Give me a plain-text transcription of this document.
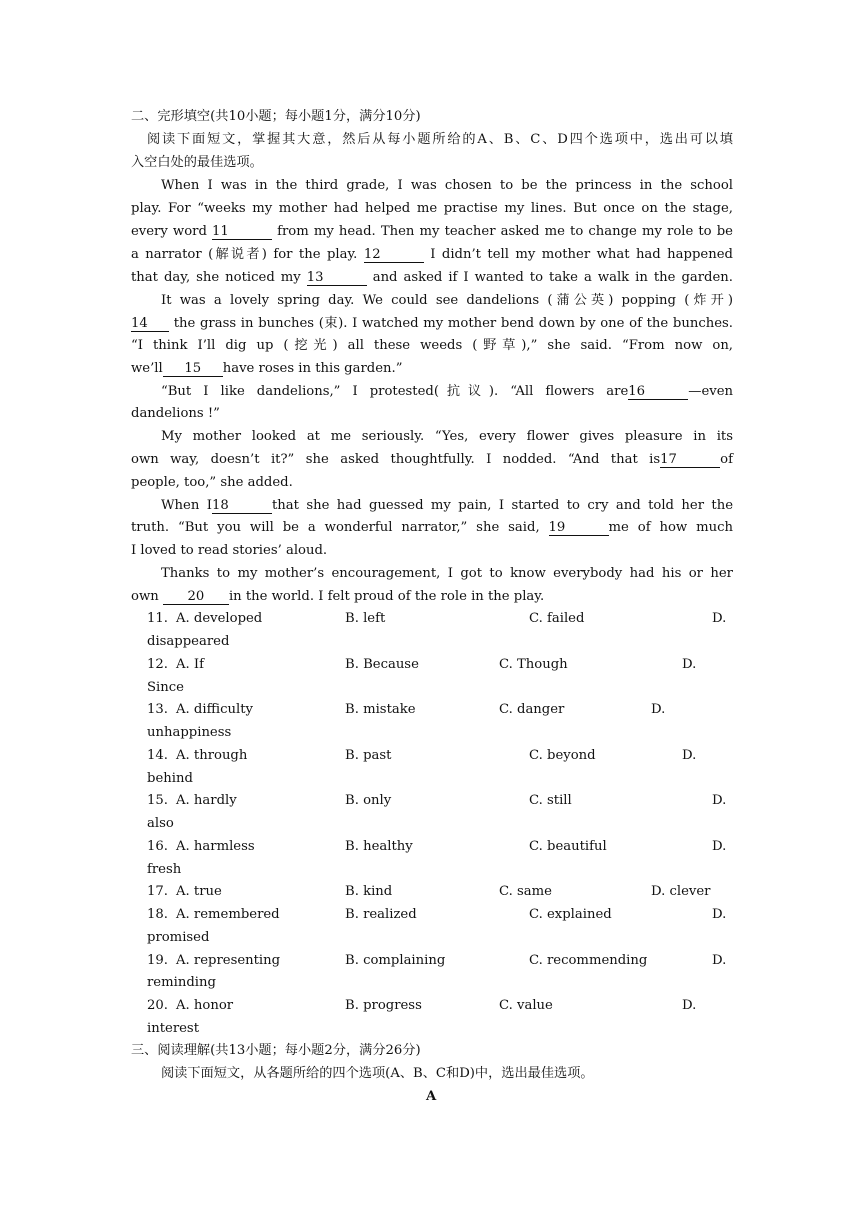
二、完形填空(共10小题；每小题1分，满分10分)
阅读下面短文，掌握其大意，然后从每小题所给的A、B、C、D四个选项中，选出可以填
入空白处的最佳选项。
When I was in the third grade, I was chosen to be the princess in the school
play. For “weeks my mother had helped me practise my lines. But once on the stage,
every word 11	from my head. Then my teacher asked me to change my role to be
a narrator (解说者) for the play. 12	I didn’t tell my mother what had happened
that day, she noticed my 13	and asked if I wanted to take a walk in the garden.
It was a lovely spring day. We could see dandelions (蒲公英) popping (炸开)
14 the grass in bunches (束). I watched my mother bend down by one of the bunches.
“I think I’ll dig up (挖光) all these weeds (野草),” she said. “From now on,
we’ll 15 have roses in this garden.”
“But I like dandelions,” I protested(抗议). “All flowers are16	—even
dandelions !”
My mother looked at me seriously. “Yes, every flower gives pleasure in its
own way, doesn’t it?” she asked thoughtfully. I nodded. “And that is17	of
people, too,” she added.
When I18	that she had guessed my pain, I started to cry and told her the
truth. “But you will be a wonderful narrator,” she said, 19	me of how much
I loved to read stories’ aloud.
Thanks to my mother’s encouragement, I got to know everybody had his or her
own 20 in the world. I felt proud of the role in the play.
11. A. developed	B. left	C. failed	D.
disappeared
12. A. If	B. Because	C. Though	D.
Since
13. A. difficulty	B. mistake	C. danger	D.
unhappiness
14. A. through	B. past	C. beyond	D.
behind
15. A. hardly	B. only	C. still	D.
also
16. A. harmless	B. healthy	C. beautiful	D.
fresh
17. A. true	B. kind	C. same	D. clever
18. A. remembered	B. realized	C. explained	D.
promised
19. A. representing	B. complaining	C. recommending	D.
reminding
20. A. honor	B. progress	C. value	D.
interest
三、阅读理解(共13小题；每小题2分，满分26分)
阅读下面短文，从各题所给的四个选项(A、B、C和D)中，选出最佳选项。
A
